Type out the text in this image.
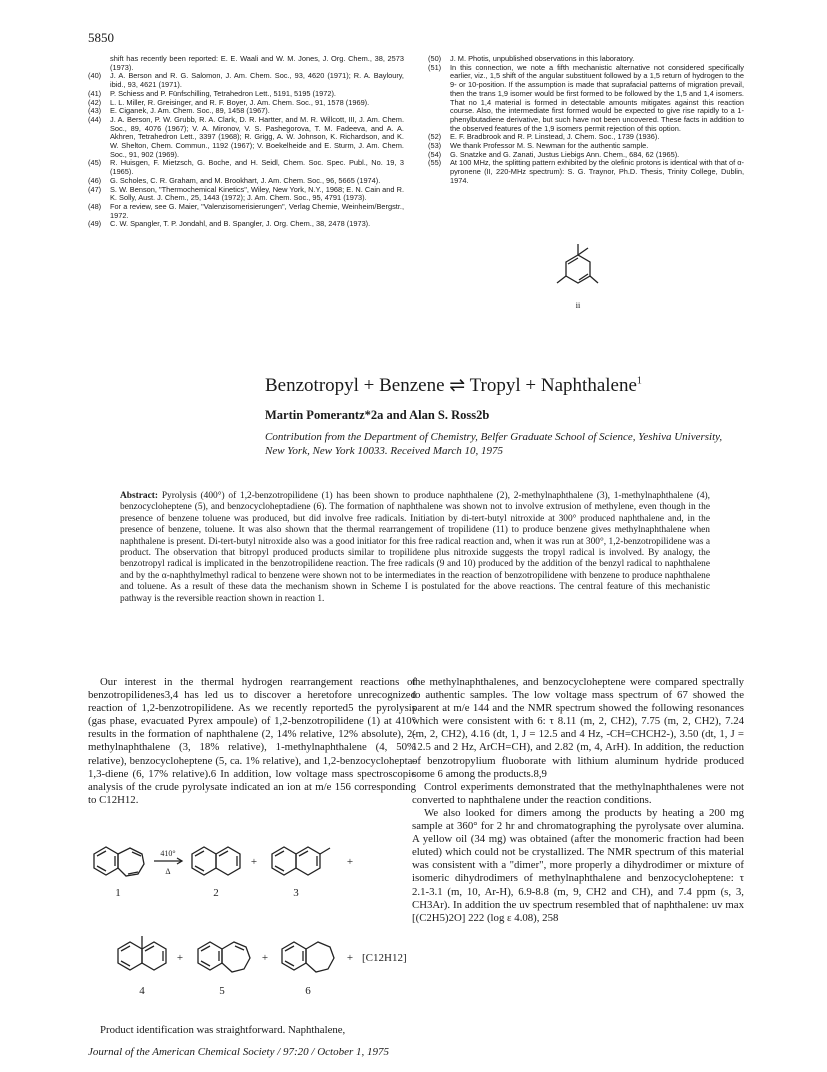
5850
shift has recently been reported: E. E. Waali and W. M. Jones, J. Org. Chem., 38, 2573 (1973).
(40)	J. A. Berson and R. G. Salomon, J. Am. Chem. Soc., 93, 4620 (1971); R. A. Bayloury, ibid., 93, 4621 (1971).
(41)	P. Schiess and P. Fünfschilling, Tetrahedron Lett., 5191, 5195 (1972).
(42)	L. L. Miller, R. Greisinger, and R. F. Boyer, J. Am. Chem. Soc., 91, 1578 (1969).
(43)	E. Ciganek, J. Am. Chem. Soc., 89, 1458 (1967).
(44)	J. A. Berson, P. W. Grubb, R. A. Clark, D. R. Hartter, and M. R. Willcott, III, J. Am. Chem. Soc., 89, 4076 (1967); V. A. Mironov, V. S. Pashegorova, T. M. Fadeeva, and A. A. Akhren, Tetrahedron Lett., 3397 (1968); R. Grigg, A. W. Johnson, K. Richardson, and K. W. Shelton, Chem. Commun., 1192 (1967); V. Boekelheide and E. Sturm, J. Am. Chem. Soc., 91, 902 (1969).
(45)	R. Huisgen, F. Mietzsch, G. Boche, and H. Seidl, Chem. Soc. Spec. Publ., No. 19, 3 (1965).
(46)	G. Scholes, C. R. Graham, and M. Brookhart, J. Am. Chem. Soc., 96, 5665 (1974).
(47)	S. W. Benson, "Thermochemical Kinetics", Wiley, New York, N.Y., 1968; E. N. Cain and R. K. Solly, Aust. J. Chem., 25, 1443 (1972); J. Am. Chem. Soc., 95, 4791 (1973).
(48)	For a review, see G. Maier, "Valenzisomerisierungen", Verlag Chemie, Weinheim/Bergstr., 1972.
(49)	C. W. Spangler, T. P. Jondahl, and B. Spangler, J. Org. Chem., 38, 2478 (1973).
(50)	J. M. Photis, unpublished observations in this laboratory.
(51)	In this connection, we note a fifth mechanistic alternative not considered specifically earlier, viz., 1,5 shift of the angular substituent followed by a 1,5 return of hydrogen to the 9- or 10-position. If the assumption is made that suprafacial patterns of migration prevail, then the trans 1,9 isomer would be first formed to be followed by the 1,5 and 1,4 isomers. That no 1,4 material is formed in detectable amounts mitigates against this reaction course. Also, the intermediate first formed would be expected to give rise rapidly to a 1-phenylbutadiene derivative, but such have not been uncovered. These facts in addition to the observed features of the 1,9 isomers permit rejection of this option.
(52)	E. F. Bradbrook and R. P. Linstead, J. Chem. Soc., 1739 (1936).
(53)	We thank Professor M. S. Newman for the authentic sample.
(54)	G. Snatzke and G. Zanati, Justus Liebigs Ann. Chem., 684, 62 (1965).
(55)	At 100 MHz, the splitting pattern exhibited by the olefinic protons is identical with that of α-pyronene (II, 220-MHz spectrum): S. G. Traynor, Ph.D. Thesis, Trinity College, Dublin, 1974.
ii
Benzotropyl + Benzene ⇌ Tropyl + Naphthalene$^1$
Martin Pomerantz*2a and Alan S. Ross2b
Contribution from the Department of Chemistry, Belfer Graduate School of Science, Yeshiva University, New York, New York 10033. Received March 10, 1975
Abstract: Pyrolysis (400°) of 1,2-benzotropilidene (1) has been shown to produce naphthalene (2), 2-methylnaphthalene (3), 1-methylnaphthalene (4), benzocycloheptene (5), and benzocycloheptadiene (6). The formation of naphthalene was shown not to involve extrusion of methylene, even though in the presence of benzene toluene was produced, but did involve free radicals. Initiation by di-tert-butyl nitroxide at 300° produced naphthalene and, in the presence of benzene, toluene. It was also shown that the thermal rearrangement of tropilidene (11) to produce benzene gives methylnaphthalene when naphthalene is present. Di-tert-butyl nitroxide also was a good initiator for this free radical reaction and, when it was run at 300°, 1,2-benzotropilidene was a product. The observation that bitropyl produced products similar to tropilidene plus nitroxide suggests the tropyl radical is involved. By analogy, the benzotropyl radical is implicated in the benzotropilidene reaction. The free radicals (9 and 10) produced by the addition of the benzyl radical to naphthalene and by the α-naphthylmethyl radical to benzene were shown not to be intermediates in the reaction of benzotropilidene with benzene to produce naphthalene and toluene. As a result of these data the mechanism shown in Scheme I is postulated for the above reactions. The central feature of this mechanistic pathway is the reversible reaction shown in reaction 1.

Our interest in the thermal hydrogen rearrangement reactions of benzotropilidenes3,4 has led us to discover a heretofore unrecognized reaction of 1,2-benzotropilidene. As we recently reported5 the pyrolysis (gas phase, evacuated Pyrex ampoule) of 1,2-benzotropilidene (1) at 410° results in the formation of naphthalene (2, 14% relative, 12% absolute), 2-methylnaphthalene (3, 18% relative), 1-methylnaphthalene (4, 50% relative), benzocycloheptene (5, ca. 1% relative), and 1,2-benzocyclohepta-1,3-diene (6, 17% relative).6 In addition, low voltage mass spectroscopic analysis of the crude pyrolysate indicated an ion at m/e 156 corresponding to C12H12.

410°
Δ
+	+
1	2	3
+	+	+ [C12H12]
4	5	6
Product identification was straightforward. Naphthalene,

the methylnaphthalenes, and benzocycloheptene were compared spectrally to authentic samples. The low voltage mass spectrum of 67 showed the parent at m/e 144 and the NMR spectrum showed the following resonances which were consistent with 6: τ 8.11 (m, 2, CH2), 7.75 (m, 2, CH2), 7.24 (m, 2, CH2), 4.16 (dt, 1, J = 12.5 and 4 Hz, -CH=CHCH2-), 3.50 (dt, 1, J = 12.5 and 2 Hz, ArCH=CH), and 2.82 (m, 4, ArH). In addition, the reduction of benzotropylium fluoborate with lithium aluminum hydride produced some 6 among the products.8,9

Control experiments demonstrated that the methylnaphthalenes were not converted to naphthalene under the reaction conditions.

We also looked for dimers among the products by heating a 200 mg sample at 360° for 2 hr and chromatographing the pyrolysate over alumina. A yellow oil (34 mg) was obtained (after the monomeric fraction had been eluted) which could not be crystallized. The NMR spectrum of this material was consistent with a "dimer", more properly a dihydrodimer or mixture of isomeric dihydrodimers of methylnaphthalene and benzocycloheptene: τ 2.1-3.1 (m, 10, Ar-H), 6.9-8.8 (m, 9, CH2 and CH), and 7.4 ppm (s, 3, CH3Ar). In addition the uv spectrum resembled that of naphthalene: uv max [(C2H5)2O] 222 (log ε 4.08), 258

Journal of the American Chemical Society / 97:20 / October 1, 1975
